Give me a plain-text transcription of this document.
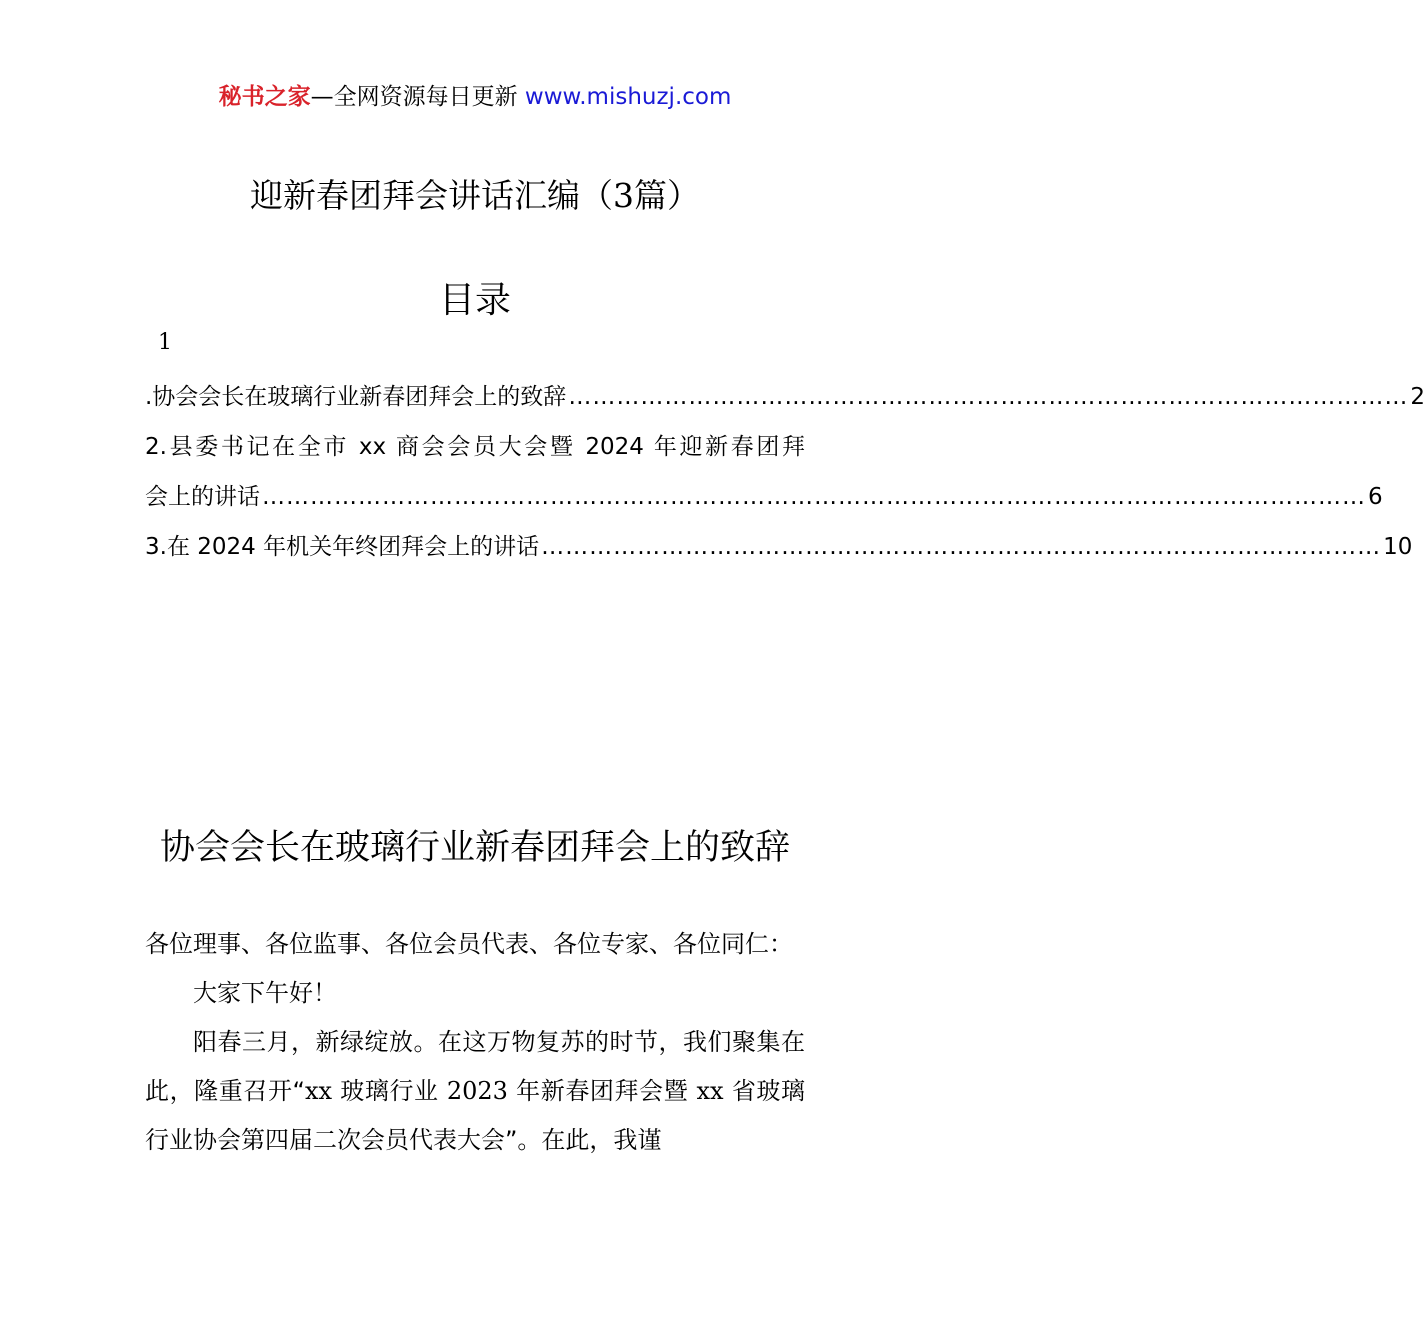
秘书之家—全网资源每日更新 www.mishuzj.com
迎新春团拜会讲话汇编（3篇）
目录
1
.协会会长在玻璃行业新春团拜会上的致辞 …………………………………………………………………………………………… 2
2.县委书记在全市 xx 商会会员大会暨 2024 年迎新春团拜
会上的讲话 ………………………………………………………………………………………………………………………… 6
3.在 2024 年机关年终团拜会上的讲话 …………………………………………………………………………………………… 10
协会会长在玻璃行业新春团拜会上的致辞

各位理事、各位监事、各位会员代表、各位专家、各位同仁：

大家下午好！

阳春三月，新绿绽放。在这万物复苏的时节，我们聚集在此，隆重召开“xx 玻璃行业 2023 年新春团拜会暨 xx 省玻璃行业协会第四届二次会员代表大会”。在此，我谨
